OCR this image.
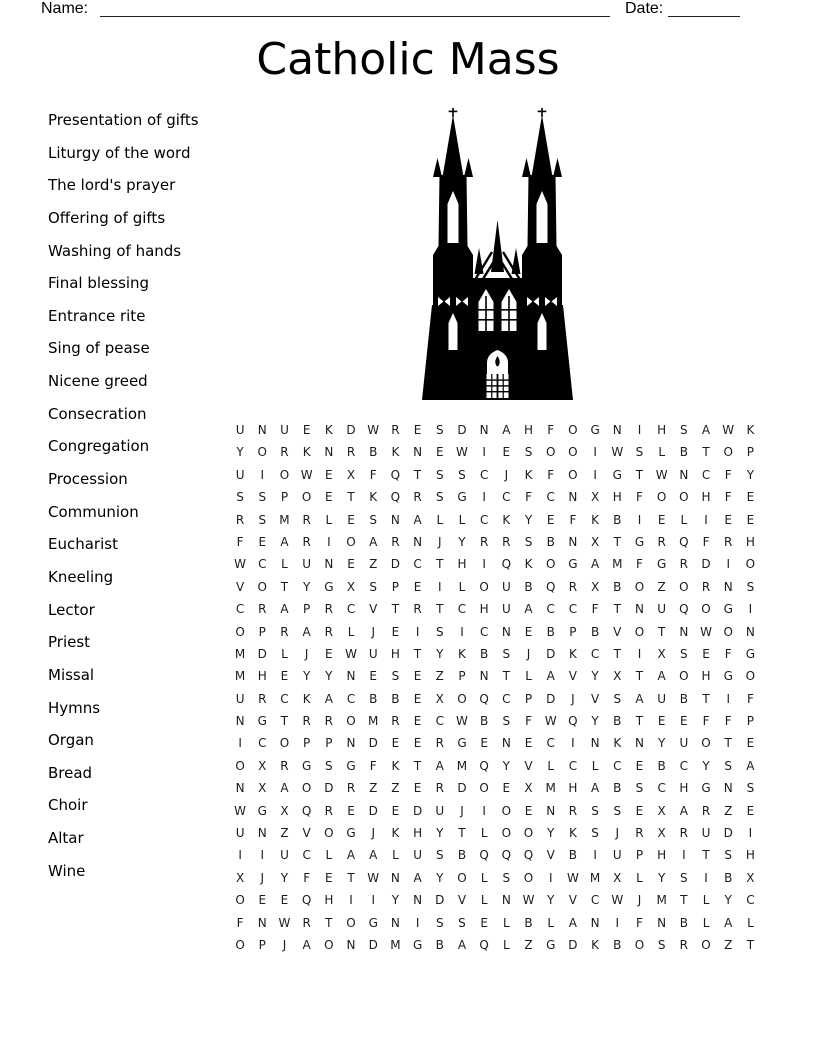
Name:	Date:
Catholic Mass
Presentation of gifts
Liturgy of the word
The lord's prayer
Offering of gifts
Washing of hands
Final blessing
Entrance rite
Sing of pease
Nicene greed
Consecration
Congregation
Procession
Communion
Eucharist
Kneeling
Lector
Priest
Missal
Hymns
Organ
Bread
Choir
Altar
Wine
U	N	U	E	K	D W	R	E	S	D	N	A	H	F	O	G	N	I	H	S	A	W	K
Y	O	R	K	N	R	B	K	N	E	W	I	E	S	O	O	I	W	S	L	B	T	O	P
U	I	O W	E	X	F	Q	T	S	S	C	J	K	F	O	I	G	T	W N	C	F	Y
S	S	P	O	E	T	K	Q	R	S	G	I	C	F	C	N	X	H	F	O	O	H	F	E
R	S	M	R	L	E	S	N	A	L	L	C	K	Y	E	F	K	B	I	E	L	I	E	E
F	E	A	R	I	O	A	R	N	J	Y	R	R	S	B	N	X	T	G	R	Q	F	R	H
W	C	L	U	N	E	Z	D	C	T	H	I	Q	K	O	G	A	M	F	G	R	D	I	O
V	O	T	Y	G	X	S	P	E	I	L	O	U	B	Q	R	X	B	O	Z	O	R	N	S
C	R	A	P	R	C	V	T	R	T	C	H	U	A	C	C	F	T	N	U	Q	O	G	I
O	P	R	A	R	L	J	E	I	S	I	C	N	E	B	P	B	V	O	T	N W O	N
M	D	L	J	E	W U	H	T	Y	K	B	S	J	D	K	C	T	I	X	S	E	F	G
M	H	E	Y	Y	N	E	S	E	Z	P	N	T	L	A	V	Y	X	T	A	O	H	G	O
U	R	C	K	A	C	B	B	E	X	O	Q	C	P	D	J	V	S	A	U	B	T	I	F
N	G	T	R	R	O	M	R	E	C	W	B	S	F	W Q	Y	B	T	E	E	F	F	P
I	C	O	P	P	N	D	E	E	R	G	E	N	E	C	I	N	K	N	Y	U	O	T	E
O	X	R	G	S	G	F	K	T	A	M	Q	Y	V	L	C	L	C	E	B	C	Y	S	A
N	X	A	O	D	R	Z	Z	E	R	D	O	E	X	M	H	A	B	S	C	H	G	N	S
W G	X	Q	R	E	D	E	D	U	J	I	O	E	N	R	S	S	E	X	A	R	Z	E
U	N	Z	V	O	G	J	K	H	Y	T	L	O	O	Y	K	S	J	R	X	R	U	D	I
I	I	U	C	L	A	A	L	U	S	B	Q	Q	Q	V	B	I	U	P	H	I	T	S	H
X	J	Y	F	E	T	W N	A	Y	O	L	S	O	I	W M	X	L	Y	S	I	B	X
O	E	E	Q	H	I	I	Y	N	D	V	L	N W	Y	V	C	W	J	M	T	L	Y	C
F	N W	R	T	O	G	N	I	S	S	E	L	B	L	A	N	I	F	N	B	L	A	L
O	P	J	A	O	N	D	M	G	B	A	Q	L	Z	G	D	K	B	O	S	R	O	Z	T
